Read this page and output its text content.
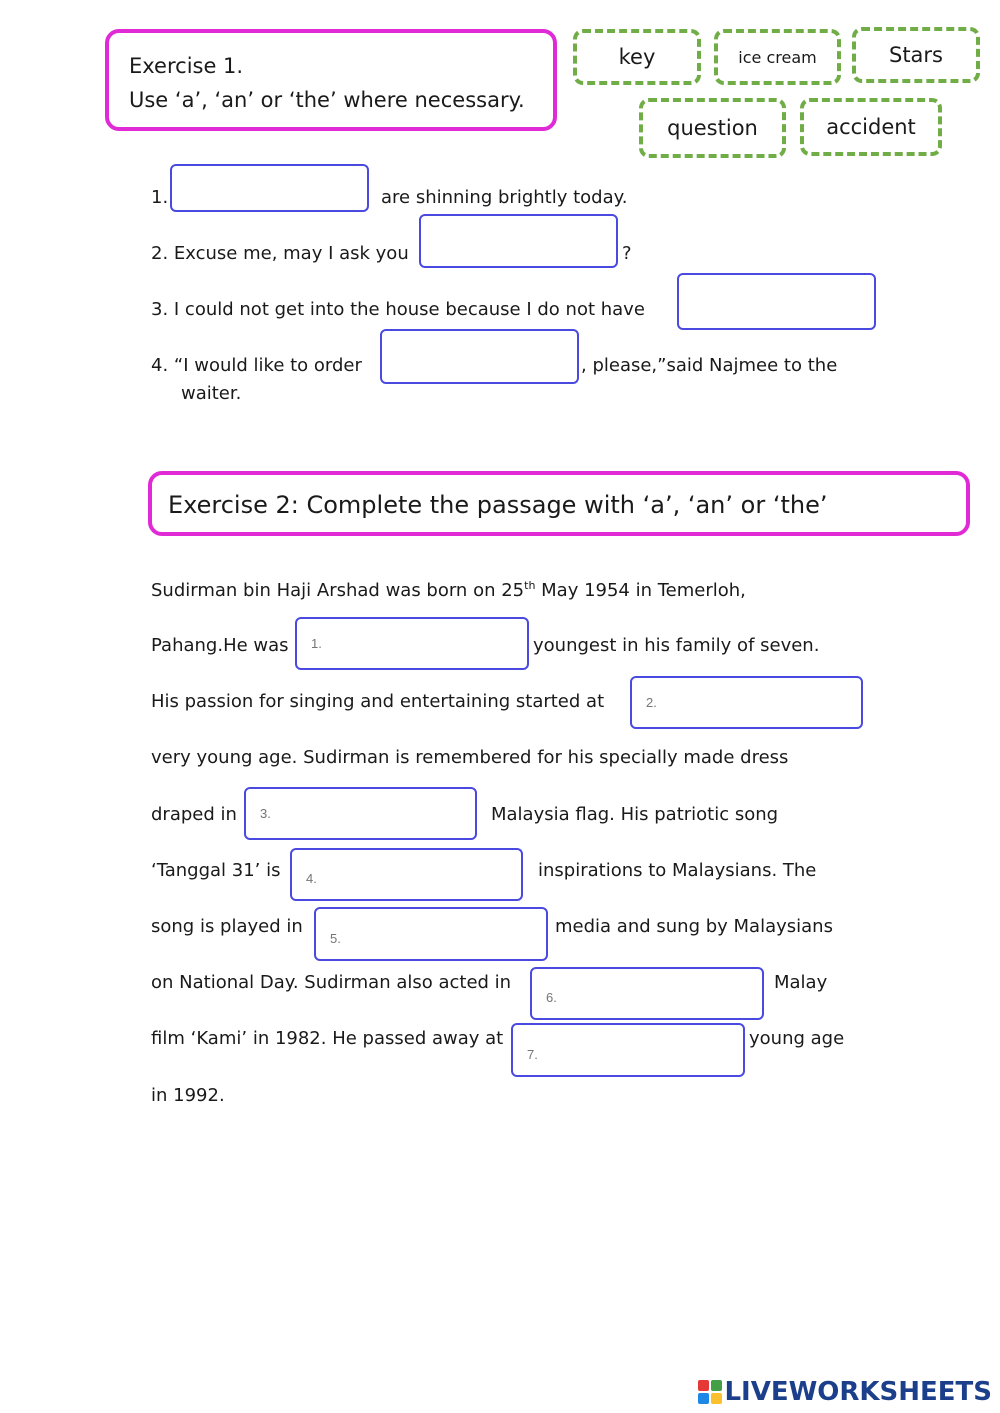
Exercise 1.
Use ‘a’, ‘an’ or ‘the’ where necessary.
key	ice cream	Stars
question	accident
1.	are shinning brightly today.
2. Excuse me, may I ask you	?
3. I could not get into the house because I do not have
4. “I would like to order	, please,”said Najmee to the
waiter.
Exercise 2: Complete the passage with ‘a’, ‘an’ or ‘the’
Sudirman bin Haji Arshad was born on 25th May 1954 in Temerloh,
Pahang.He was
1.	youngest in his family of seven.
His passion for singing and entertaining started at
2.
very young age. Sudirman is remembered for his specially made dress
draped in
3.	Malaysia flag. His patriotic song
‘Tanggal 31’ is
4.	inspirations to Malaysians. The
song is played in
5.	media and sung by Malaysians
on National Day. Sudirman also acted in
6.	Malay
film ‘Kami’ in 1982. He passed away at
7.	young age
in 1992.
LIVEWORKSHEETS
